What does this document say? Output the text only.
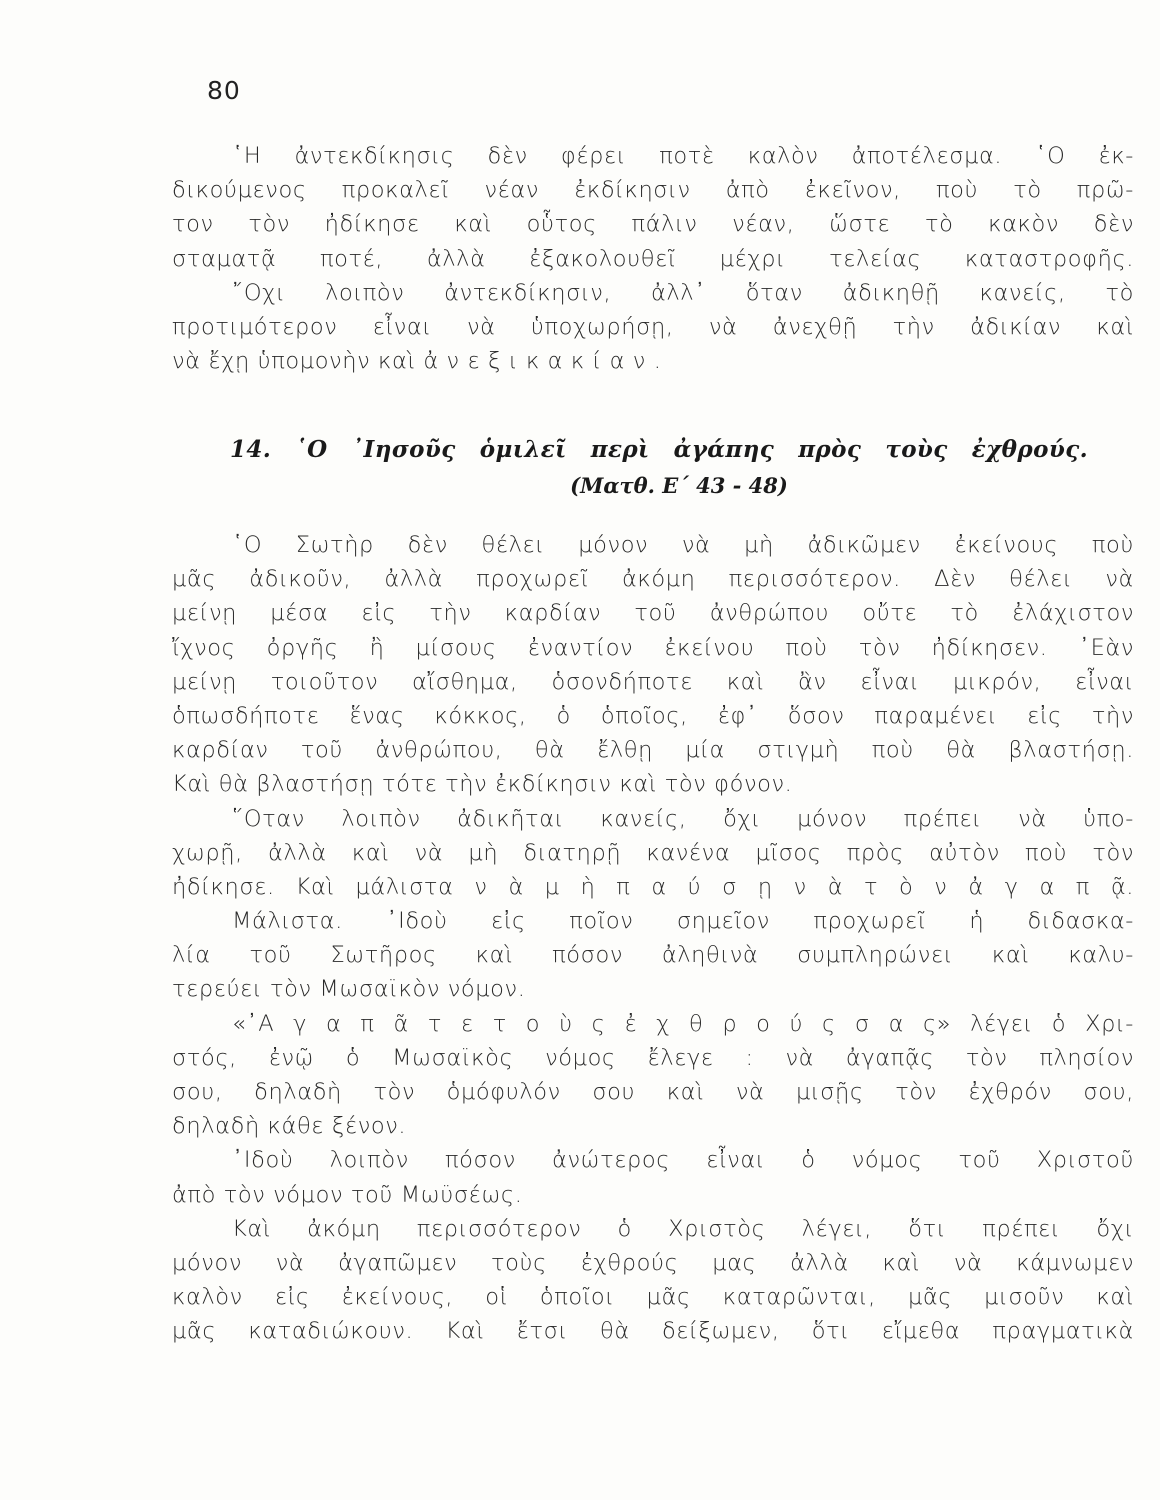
80
῾Η ἀντεκδίκησις δὲν φέρει ποτὲ καλὸν ἀποτέλεσμα. ῾Ο ἐκ-
δικούμενος προκαλεῖ νέαν ἐκδίκησιν ἀπὸ ἐκεῖνον, ποὺ τὸ πρῶ-
τον τὸν ἠδίκησε καὶ οὗτος πάλιν νέαν, ὥστε τὸ κακὸν δὲν
σταματᾷ ποτέ, ἀλλὰ ἐξακολουθεῖ μέχρι τελείας καταστροφῆς.
῎Οχι λοιπὸν ἀντεκδίκησιν, ἀλλ᾽ ὅταν ἀδικηθῇ κανείς, τὸ
προτιμότερον εἶναι νὰ ὑποχωρήσῃ, νὰ ἀνεχθῇ τὴν ἀδικίαν καὶ
νὰ ἔχῃ ὑπομονὴν καὶ ἀ ν ε ξ ι κ α κ ί α ν .
14. ῾Ο ᾽Ιησοῦς ὁμιλεῖ περὶ ἀγάπης πρὸς τοὺς ἐχθρούς.
(Ματθ. Ε΄ 43 - 48)
῾Ο Σωτὴρ δὲν θέλει μόνον νὰ μὴ ἀδικῶμεν ἐκείνους ποὺ
μᾶς ἀδικοῦν, ἀλλὰ προχωρεῖ ἀκόμη περισσότερον. Δὲν θέλει νὰ
μείνῃ μέσα εἰς τὴν καρδίαν τοῦ ἀνθρώπου οὔτε τὸ ἐλάχιστον
ἴχνος ὀργῆς ἢ μίσους ἐναντίον ἐκείνου ποὺ τὸν ἠδίκησεν. ᾽Εὰν
μείνῃ τοιοῦτον αἴσθημα, ὁσονδήποτε καὶ ἂν εἶναι μικρόν, εἶναι
ὁπωσδήποτε ἕνας κόκκος, ὁ ὁποῖος, ἐφ᾽ ὅσον παραμένει εἰς τὴν
καρδίαν τοῦ ἀνθρώπου, θὰ ἔλθῃ μία στιγμὴ ποὺ θὰ βλαστήσῃ.
Καὶ θὰ βλαστήσῃ τότε τὴν ἐκδίκησιν καὶ τὸν φόνον.
῞Οταν λοιπὸν ἀδικῆται κανείς, ὄχι μόνον πρέπει νὰ ὑπο-
χωρῇ, ἀλλὰ καὶ νὰ μὴ διατηρῇ κανένα μῖσος πρὸς αὐτὸν ποὺ τὸν
ἠδίκησε. Καὶ μάλιστα ν ὰ μ ὴ π α ύ σ ῃ ν ὰ τ ὸ ν ἀ γ α π ᾷ.
Μάλιστα. ᾽Ιδοὺ εἰς ποῖον σημεῖον προχωρεῖ ἡ διδασκα-
λία τοῦ Σωτῆρος καὶ πόσον ἀληθινὰ συμπληρώνει καὶ καλυ-
τερεύει τὸν Μωσαϊκὸν νόμον.
«᾽Α γ α π ᾶ τ ε τ ο ὺ ς ἐ χ θ ρ ο ύ ς σ α ς» λέγει ὁ Χρι-
στός, ἐνῷ ὁ Μωσαϊκὸς νόμος ἔλεγε : νὰ ἀγαπᾷς τὸν πλησίον
σου, δηλαδὴ τὸν ὁμόφυλόν σου καὶ νὰ μισῇς τὸν ἐχθρόν σου,
δηλαδὴ κάθε ξένον.
᾽Ιδοὺ λοιπὸν πόσον ἀνώτερος εἶναι ὁ νόμος τοῦ Χριστοῦ
ἀπὸ τὸν νόμον τοῦ Μωϋσέως.
Καὶ ἀκόμη περισσότερον ὁ Χριστὸς λέγει, ὅτι πρέπει ὄχι
μόνον νὰ ἀγαπῶμεν τοὺς ἐχθρούς μας ἀλλὰ καὶ νὰ κάμνωμεν
καλὸν εἰς ἐκείνους, οἱ ὁποῖοι μᾶς καταρῶνται, μᾶς μισοῦν καὶ
μᾶς καταδιώκουν. Καὶ ἔτσι θὰ δείξωμεν, ὅτι εἴμεθα πραγματικὰ
